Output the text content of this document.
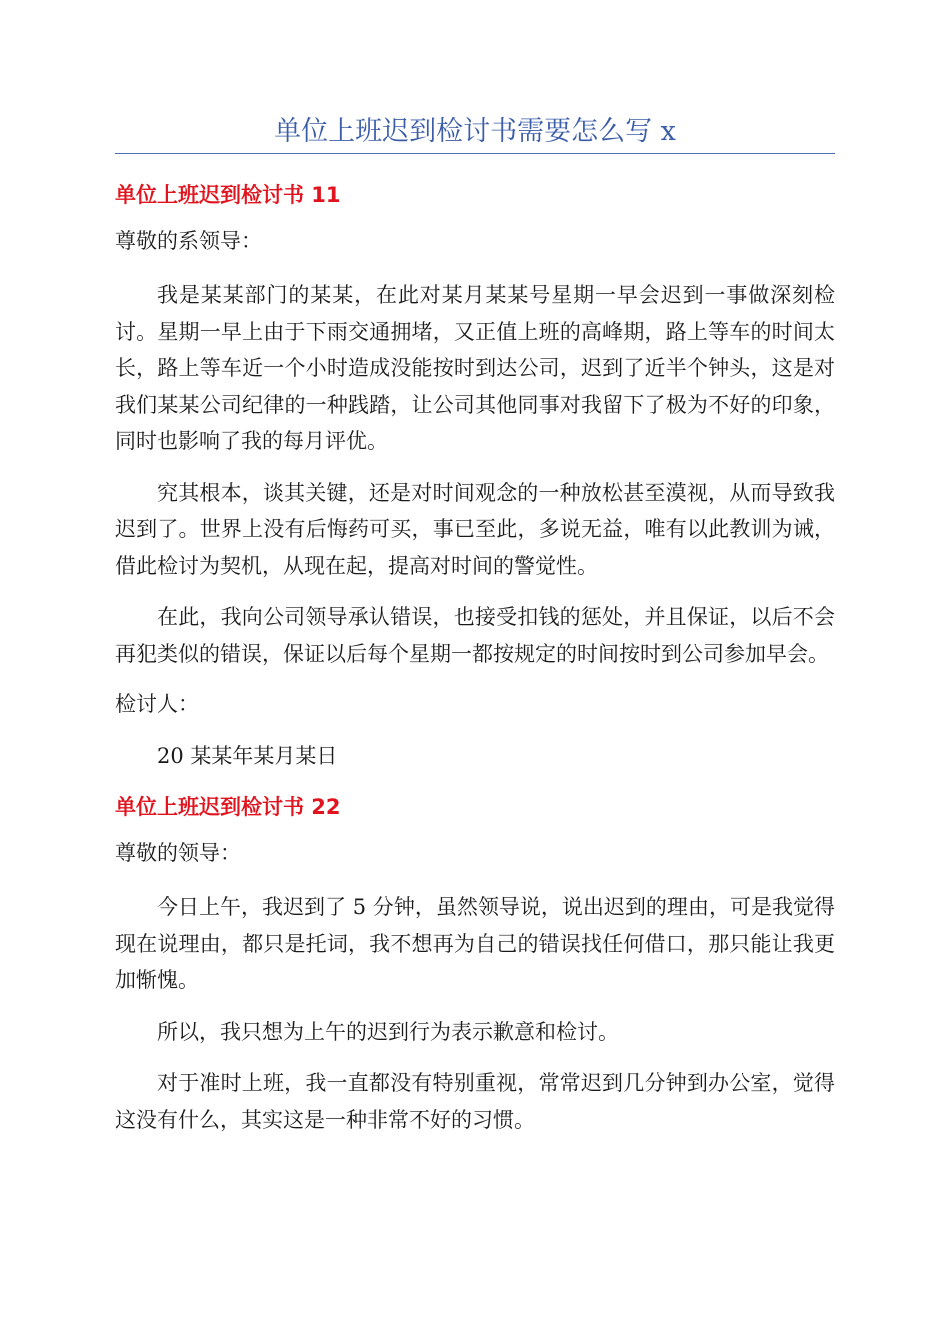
单位上班迟到检讨书需要怎么写 x
单位上班迟到检讨书 11
尊敬的系领导：

我是某某部门的某某，在此对某月某某号星期一早会迟到一事做深刻检讨。星期一早上由于下雨交通拥堵，又正值上班的高峰期，路上等车的时间太长，路上等车近一个小时造成没能按时到达公司，迟到了近半个钟头，这是对我们某某公司纪律的一种践踏，让公司其他同事对我留下了极为不好的印象，同时也影响了我的每月评优。

究其根本，谈其关键，还是对时间观念的一种放松甚至漠视，从而导致我迟到了。世界上没有后悔药可买，事已至此，多说无益，唯有以此教训为诫，借此检讨为契机，从现在起，提高对时间的警觉性。

在此，我向公司领导承认错误，也接受扣钱的惩处，并且保证，以后不会再犯类似的错误，保证以后每个星期一都按规定的时间按时到公司参加早会。

检讨人：
20 某某年某月某日
单位上班迟到检讨书 22
尊敬的领导：

今日上午，我迟到了 5 分钟，虽然领导说，说出迟到的理由，可是我觉得现在说理由，都只是托词，我不想再为自己的错误找任何借口，那只能让我更加惭愧。

所以，我只想为上午的迟到行为表示歉意和检讨。

对于准时上班，我一直都没有特别重视，常常迟到几分钟到办公室，觉得这没有什么，其实这是一种非常不好的习惯。
